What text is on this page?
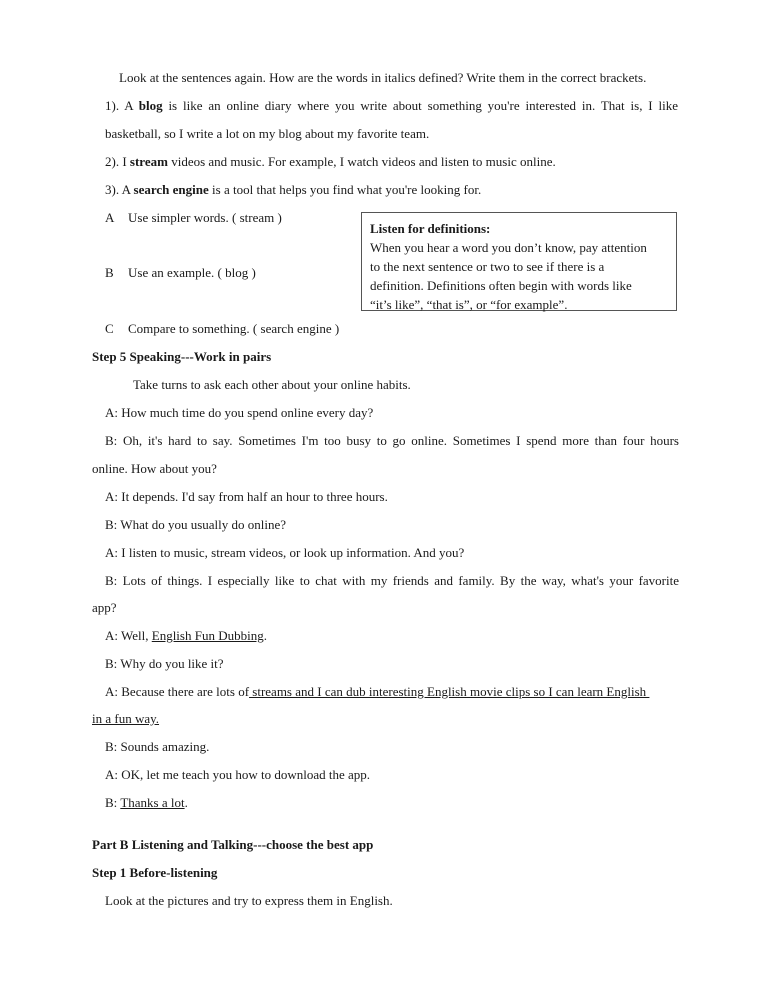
Look at the sentences again. How are the words in italics defined? Write them in the correct brackets.
1). A blog is like an online diary where you write about something you're interested in. That is, I like
basketball, so I write a lot on my blog about my favorite team.
2). I stream videos and music. For example, I watch videos and listen to music online.
3). A search engine is a tool that helps you find what you're looking for.
A Use simpler words. ( stream )
B Use an example. ( blog )
C Compare to something. ( search engine )
Listen for definitions:
When you hear a word you don’t know, pay attention
to the next sentence or two to see if there is a
definition. Definitions often begin with words like
“it’s like”, “that is”, or “for example”.
Step 5 Speaking---Work in pairs
Take turns to ask each other about your online habits.
A: How much time do you spend online every day?
B: Oh, it's hard to say. Sometimes I'm too busy to go online. Sometimes I spend more than four hours
online. How about you?
A: It depends. I'd say from half an hour to three hours.
B: What do you usually do online?
A: I listen to music, stream videos, or look up information. And you?
B: Lots of things. I especially like to chat with my friends and family. By the way, what's your favorite
app?
A: Well, English Fun Dubbing.
B: Why do you like it?
A: Because there are lots of streams and I can dub interesting English movie clips so I can learn English
in a fun way.
B: Sounds amazing.
A: OK, let me teach you how to download the app.
B: Thanks a lot.
Part B Listening and Talking---choose the best app
Step 1 Before-listening
Look at the pictures and try to express them in English.
